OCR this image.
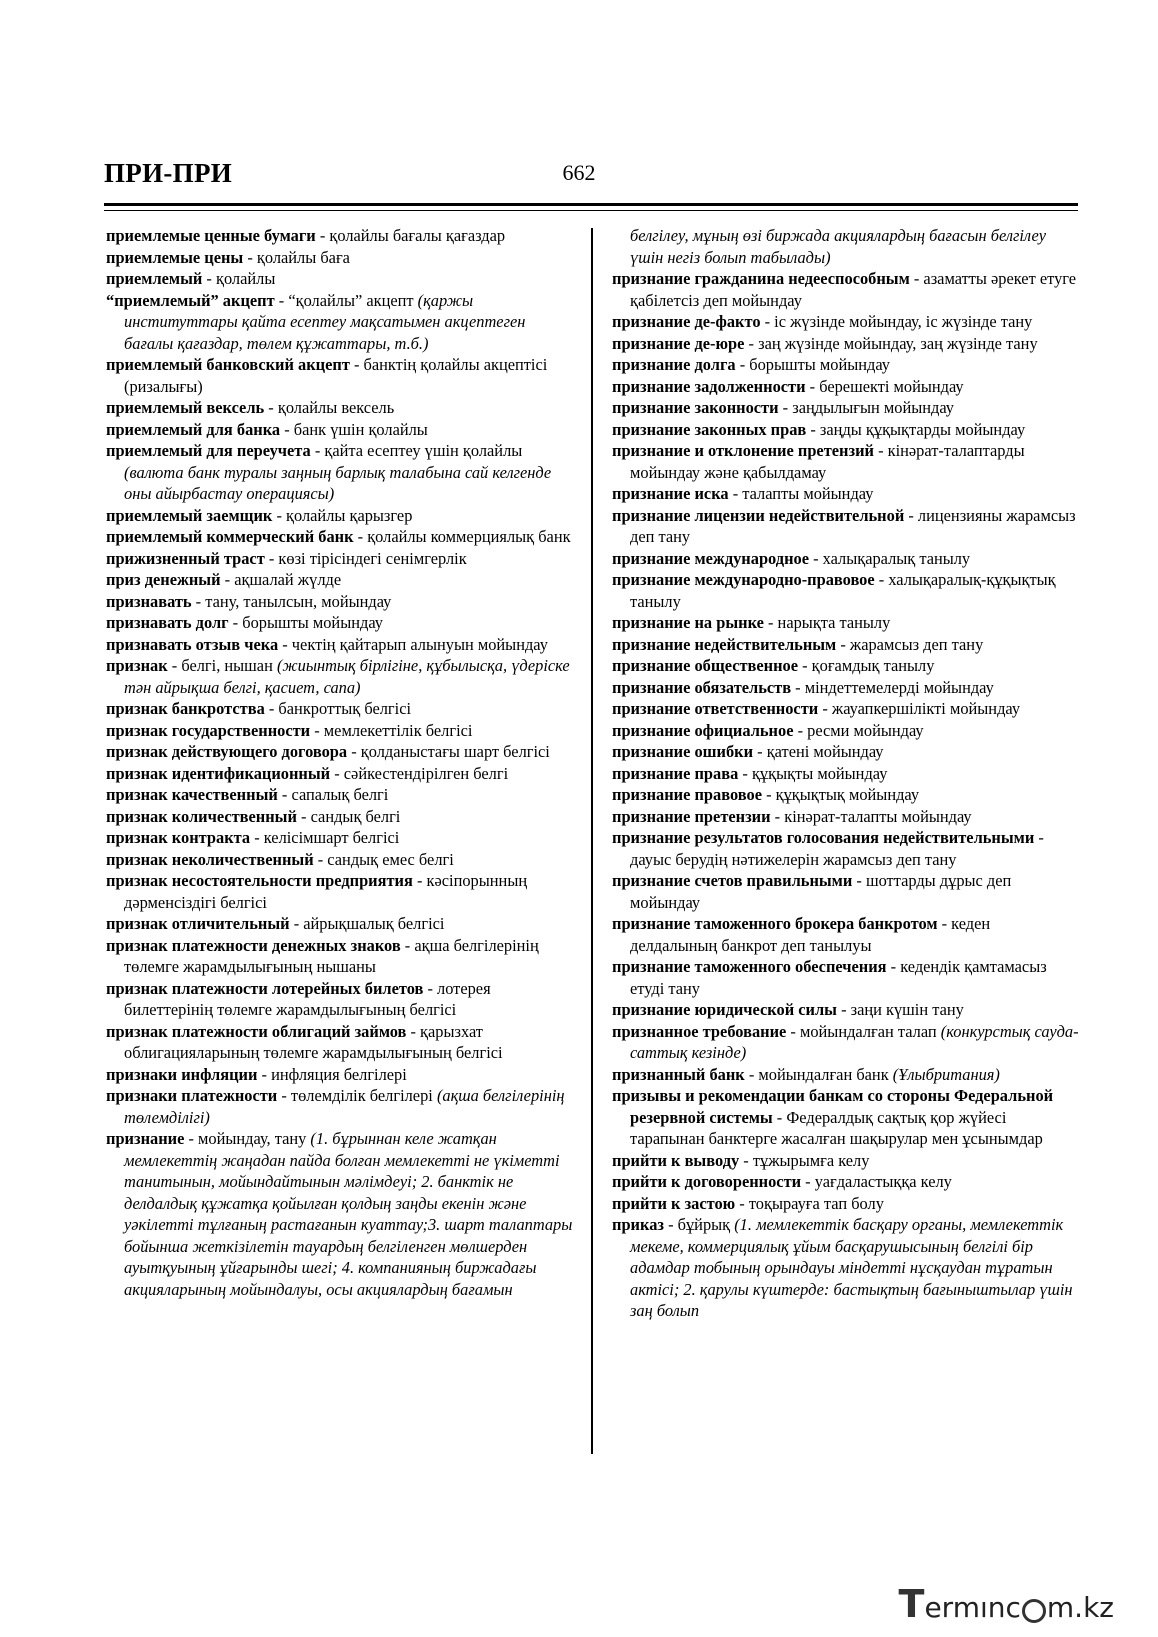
ПРИ-ПРИ	662
приемлемые ценные бумаги - қолайлы бағалы қағаздар
приемлемые цены - қолайлы баға
приемлемый - қолайлы
“приемлемый” акцепт - “қолайлы” акцепт (қаржы институттары қайта есептеу мақсатымен акцептеген бағалы қағаздар, төлем құжаттары, т.б.)
приемлемый банковский акцепт - банктің қолайлы акцептісі (ризалығы)
приемлемый вексель - қолайлы вексель
приемлемый для банка - банк үшін қолайлы
приемлемый для переучета - қайта есептеу үшін қолайлы (валюта банк туралы заңның барлық талабына сай келгенде оны айырбастау операциясы)
приемлемый заемщик - қолайлы қарызгер
приемлемый коммерческий банк - қолайлы коммерциялық банк
прижизненный траст - көзі тірісіндегі сенімгерлік
приз денежный - ақшалай жүлде
признавать - тану, танылсын, мойындау
признавать долг - борышты мойындау
признавать отзыв чека - чектің қайтарып алынуын мойындау
признак - белгі, нышан (жиынтық бірлігіне, құбылысқа, үдеріске тән айрықша белгі, қасиет, сапа)
признак банкротства - банкроттық белгісі
признак государственности - мемлекеттілік белгісі
признак действующего договора - қолданыстағы шарт белгісі
признак идентификационный - сәйкестендірілген белгі
признак качественный - сапалық белгі
признак количественный - сандық белгі
признак контракта - келісімшарт белгісі
признак неколичественный - сандық емес белгі
признак несостоятельности предприятия - кәсіпорынның дәрменсіздігі белгісі
признак отличительный - айрықшалық белгісі
признак платежности денежных знаков - ақша белгілерінің төлемге жарамдылығының нышаны
признак платежности лотерейных билетов - лотерея билеттерінің төлемге жарамдылығының белгісі
признак платежности облигаций займов - қарызхат облигацияларының төлемге жарамдылығының белгісі
признаки инфляции - инфляция белгілері
признаки платежности - төлемділік белгілері (ақша белгілерінің төлемділігі)
признание - мойындау, тану (1. бұрыннан келе жатқан мемлекеттің жаңадан пайда болған мемлекетті не үкіметті танитынын, мойындайтынын мәлімдеуі; 2. банктік не делдалдық құжатқа қойылған қолдың заңды екенін және уәкілетті тұлғаның растағанын куаттау;3. шарт талаптары бойынша жеткізілетін тауардың белгіленген мөлшерден ауытқуының ұйғарынды шегі; 4. компанияның биржадағы акцияларының мойындалуы, осы акциялардың бағамын
белгілеу, мұның өзі биржада акциялардың бағасын белгілеу үшін негіз болып табылады)
признание гражданина недееспособным - азаматты әрекет етуге қабілетсіз деп мойындау
признание де-факто - іс жүзінде мойындау, іс жүзінде тану
признание де-юре - заң жүзінде мойындау, заң жүзінде тану
признание долга - борышты мойындау
признание задолженности - берешекті мойындау
признание законности - заңдылығын мойындау
признание законных прав - заңды құқықтарды мойындау
признание и отклонение претензий - кінәрат-талаптарды мойындау және қабылдамау
признание иска - талапты мойындау
признание лицензии недействительной - лицензияны жарамсыз деп тану
признание международное - халықаралық танылу
признание международно-правовое - халықаралық-құқықтық танылу
признание на рынке - нарықта танылу
признание недействительным - жарамсыз деп тану
признание общественное - қоғамдық танылу
признание обязательств - міндеттемелерді мойындау
признание ответственности - жауапкершілікті мойындау
признание официальное - ресми мойындау
признание ошибки - қатені мойындау
признание права - құқықты мойындау
признание правовое - құқықтық мойындау
признание претензии - кінәрат-талапты мойындау
признание результатов голосования недействительными - дауыс берудің нәтижелерін жарамсыз деп тану
признание счетов правильными - шоттарды дұрыс деп мойындау
признание таможенного брокера банкротом - кеден делдалының банкрот деп танылуы
признание таможенного обеспечения - кедендік қамтамасыз етуді тану
признание юридической силы - заңи күшін тану
признанное требование - мойындалған талап (конкурстық сауда-саттық кезінде)
признанный банк - мойындалған банк (Ұлыбритания)
призывы и рекомендации банкам со стороны Федеральной резервной системы - Федералдық сақтық қор жүйесі тарапынан банктерге жасалған шақырулар мен ұсынымдар
прийти к выводу - тұжырымға келу
прийти к договоренности - уағдаластыққа келу
прийти к застою - тоқырауға тап болу
приказ - бұйрық (1. мемлекеттік басқару органы, мемлекеттік мекеме, коммерциялық ұйым басқарушысының белгілі бір адамдар тобының орындауы міндетті нұсқаудан тұратын актісі; 2. қарулы күштерде: бастықтың бағыныштылар үшін заң болып
Termınc m.kz
